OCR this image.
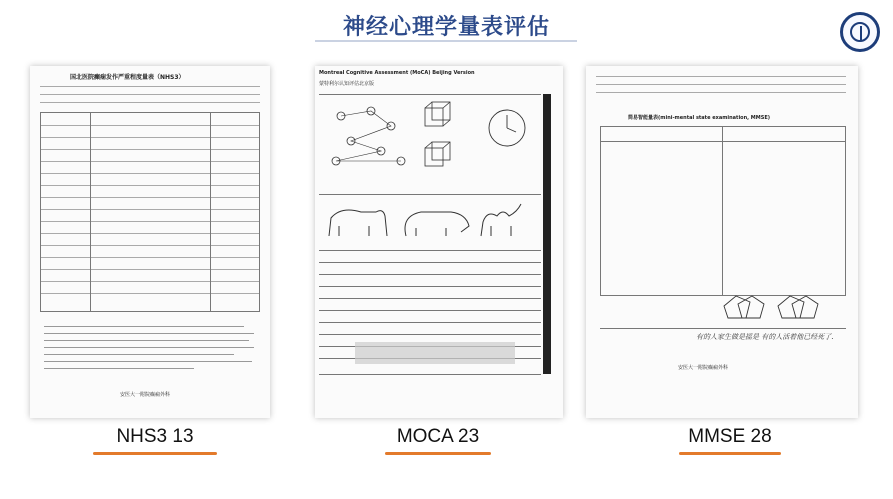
神经心理学量表评估
国北医院癫痫发作严重程度量表（NHS3）
安医大一附院癫痫外科
Montreal Cognitive Assessment (MoCA) Beijing Version
蒙特利尔认知评估北京版
简易智能量表(mini-mental state examination, MMSE)
有的人家生做是摇是 有的人活着他已经死了.
安医大一附院癫痫外科
NHS3 13	MOCA 23	MMSE 28
